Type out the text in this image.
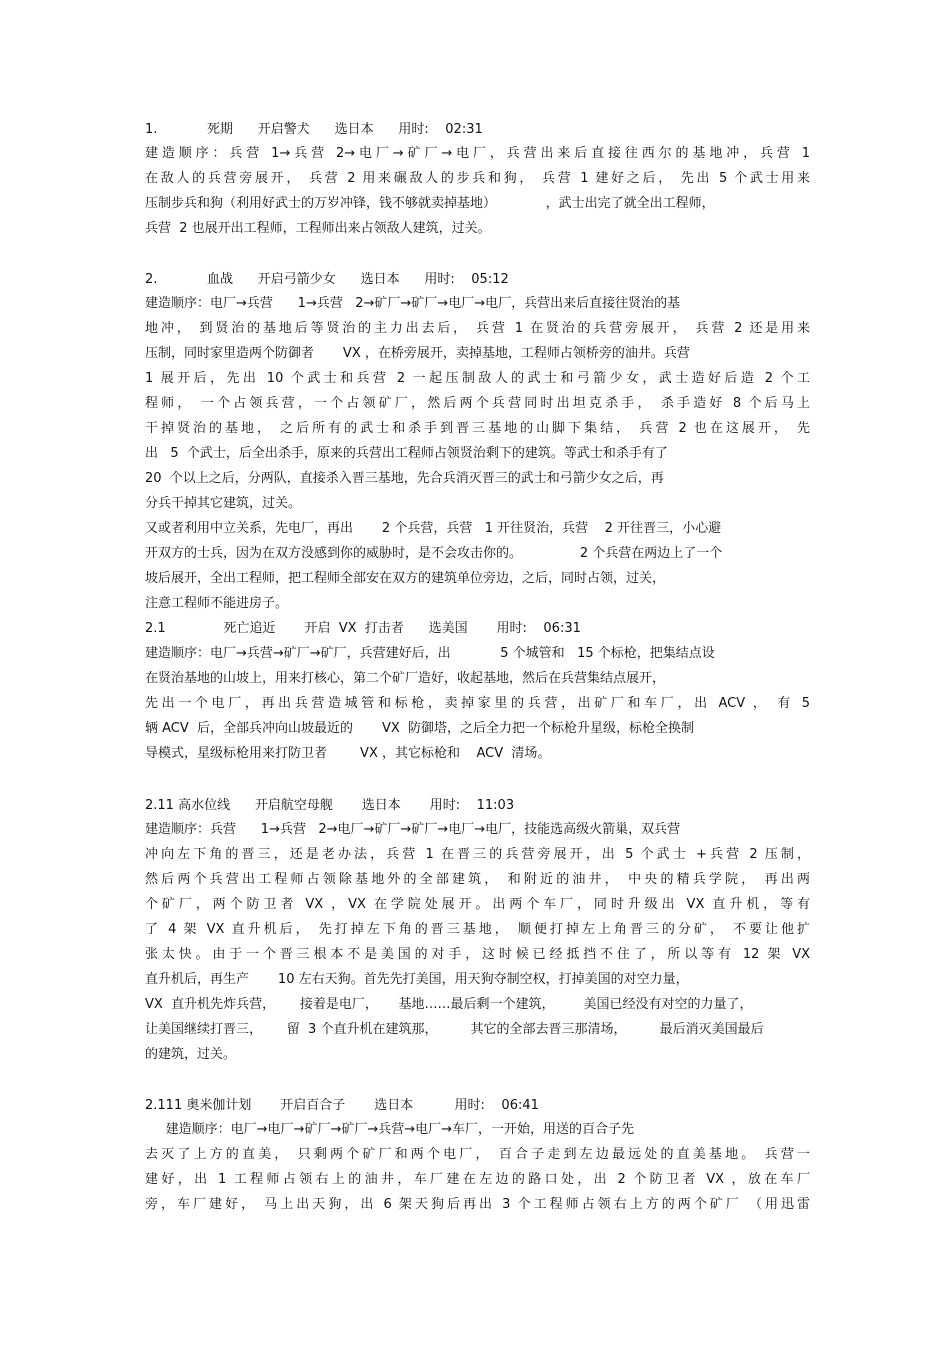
1.            死期      开启警犬      选日本      用时:    02:31
建造顺序：兵营 1→兵营 2→电厂→矿厂→电厂，兵营出来后直接往西尔的基地冲，兵营 1
在敌人的兵营旁展开， 兵营 2 用来碾敌人的步兵和狗， 兵营 1 建好之后， 先出 5 个武士用来
压制步兵和狗（利用好武士的万岁冲锋，钱不够就卖掉基地）            ，武士出完了就全出工程师，
兵营  2 也展开出工程师，工程师出来占领敌人建筑，过关。
2.            血战      开启弓箭少女      选日本      用时:    05:12
建造顺序：电厂→兵营      1→兵营   2→矿厂→矿厂→电厂→电厂，兵营出来后直接往贤治的基
地冲， 到贤治的基地后等贤治的主力出去后， 兵营 1 在贤治的兵营旁展开， 兵营 2 还是用来
压制，同时家里造两个防御者       VX ，在桥旁展开，卖掉基地，工程师占领桥旁的油井。兵营
1 展开后，先出 10 个武士和兵营 2 一起压制敌人的武士和弓箭少女，武士造好后造 2 个工
程师， 一个占领兵营，一个占领矿厂，然后两个兵营同时出坦克杀手， 杀手造好 8 个后马上
干掉贤治的基地， 之后所有的武士和杀手到晋三基地的山脚下集结， 兵营 2 也在这展开， 先
出   5  个武士，后全出杀手，原来的兵营出工程师占领贤治剩下的建筑。等武士和杀手有了
20  个以上之后，分两队，直接杀入晋三基地，先合兵消灭晋三的武士和弓箭少女之后，再
分兵干掉其它建筑，过关。
又或者利用中立关系，先电厂，再出       2 个兵营，兵营   1 开往贤治，兵营    2 开往晋三，小心避
开双方的士兵，因为在双方没感到你的威胁时，是不会攻击你的。              2 个兵营在两边上了一个
坡后展开，全出工程师，把工程师全部安在双方的建筑单位旁边，之后，同时占领，过关，
注意工程师不能进房子。
2.1              死亡追近       开启  VX  打击者      选美国       用时:    06:31
建造顺序：电厂→兵营→矿厂→矿厂，兵营建好后，出            5 个城管和   15 个标枪，把集结点设
在贤治基地的山坡上，用来打核心，第二个矿厂造好，收起基地，然后在兵营集结点展开，
先出一个电厂，再出兵营造城管和标枪，卖掉家里的兵营，出矿厂和车厂，出 ACV ， 有 5
辆 ACV  后，全部兵冲向山坡最近的       VX  防御塔，之后全力把一个标枪升星级，标枪全换制
导模式，星级标枪用来打防卫者        VX ，其它标枪和    ACV  清场。
2.11 高水位线      开启航空母舰       选日本       用时:    11:03
建造顺序：兵营      1→兵营   2→电厂→矿厂→矿厂→电厂→电厂，技能选高级火箭巢，双兵营
冲向左下角的晋三，还是老办法，兵营 1 在晋三的兵营旁展开，出 5 个武士 +兵营 2 压制，
然后两个兵营出工程师占领除基地外的全部建筑， 和附近的油井， 中央的精兵学院， 再出两
个矿厂，两个防卫者 VX ，VX 在学院处展开。出两个车厂，同时升级出 VX 直升机，等有
了 4 架 VX 直升机后， 先打掉左下角的晋三基地， 顺便打掉左上角晋三的分矿， 不要让他扩
张太快。由于一个晋三根本不是美国的对手，这时候已经抵挡不住了，所以等有 12 架 VX
直升机后，再生产       10 左右天狗。首先先打美国，用天狗夺制空权，打掉美国的对空力量，
VX  直升机先炸兵营，      接着是电厂，     基地……最后剩一个建筑，       美国已经没有对空的力量了，
让美国继续打晋三，      留  3 个直升机在建筑那，        其它的全部去晋三那清场，        最后消灭美国最后
的建筑，过关。
2.111 奥米伽计划       开启百合子       选日本          用时:    06:41
建造顺序：电厂→电厂→矿厂→矿厂→兵营→电厂→车厂，一开始，用送的百合子先
去灭了上方的直美， 只剩两个矿厂和两个电厂， 百合子走到左边最远处的直美基地。 兵营一
建好，出 1 工程师占领右上的油井，车厂建在左边的路口处，出 2 个防卫者 VX ，放在车厂
旁，车厂建好， 马上出天狗，出 6 架天狗后再出 3 个工程师占领右上方的两个矿厂 （用迅雷
